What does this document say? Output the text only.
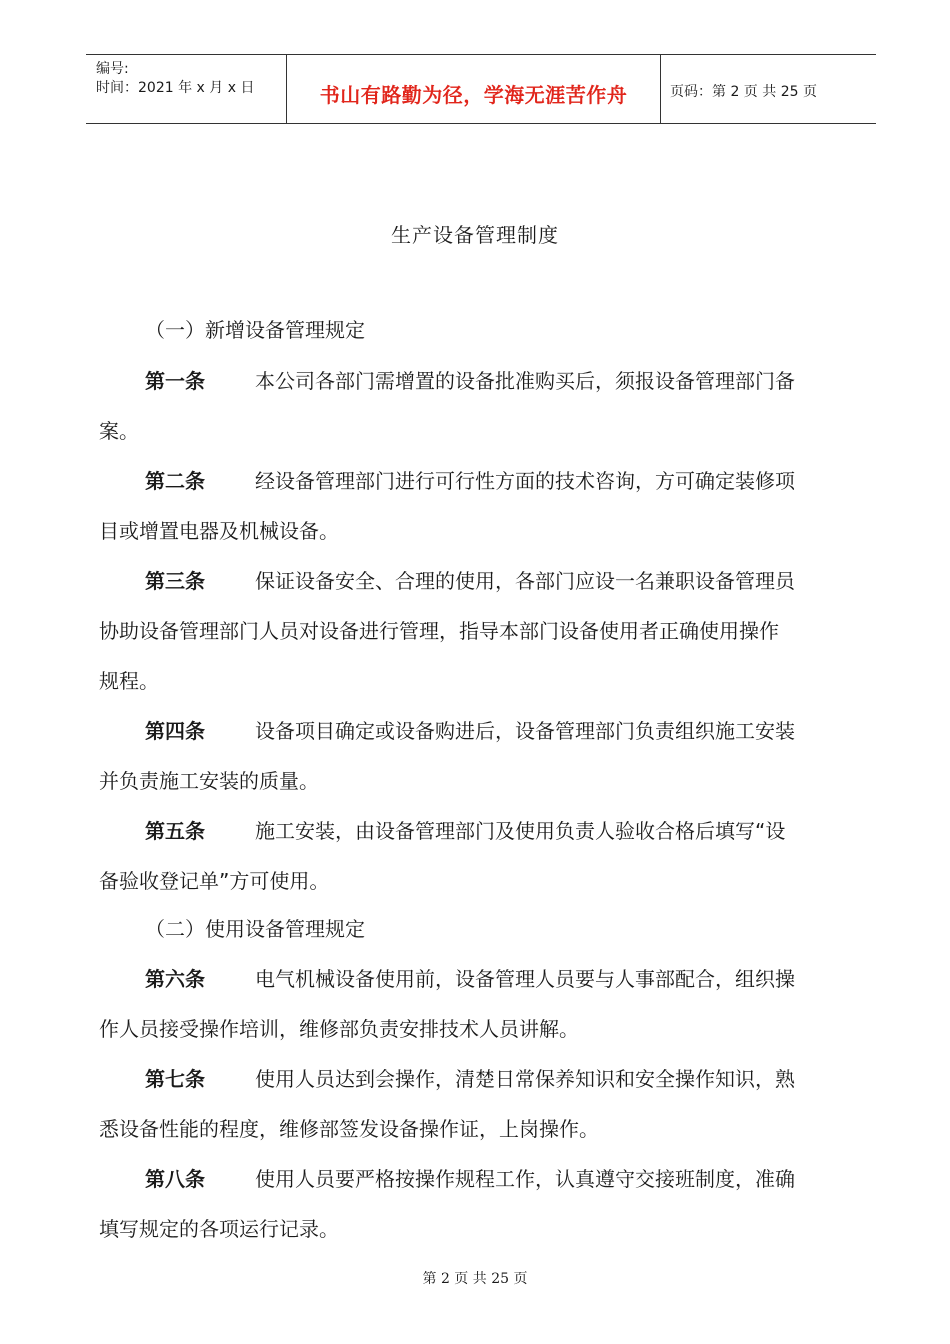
编号:
时间：2021 年 x 月 x 日	书山有路勤为径，学海无涯苦作舟	页码：第 2 页 共 25 页
生产设备管理制度
（一）新增设备管理规定
第一条	本公司各部门需增置的设备批准购买后，须报设备管理部门备
案。
第二条	经设备管理部门进行可行性方面的技术咨询，方可确定装修项
目或增置电器及机械设备。
第三条	保证设备安全、合理的使用，各部门应设一名兼职设备管理员
协助设备管理部门人员对设备进行管理，指导本部门设备使用者正确使用操作
规程。
第四条	设备项目确定或设备购进后，设备管理部门负责组织施工安装
并负责施工安装的质量。
第五条	施工安装，由设备管理部门及使用负责人验收合格后填写“设
备验收登记单”方可使用。
（二）使用设备管理规定
第六条	电气机械设备使用前，设备管理人员要与人事部配合，组织操
作人员接受操作培训，维修部负责安排技术人员讲解。
第七条	使用人员达到会操作，清楚日常保养知识和安全操作知识，熟
悉设备性能的程度，维修部签发设备操作证，上岗操作。
第八条	使用人员要严格按操作规程工作，认真遵守交接班制度，准确
填写规定的各项运行记录。
第 2 页 共 25 页
